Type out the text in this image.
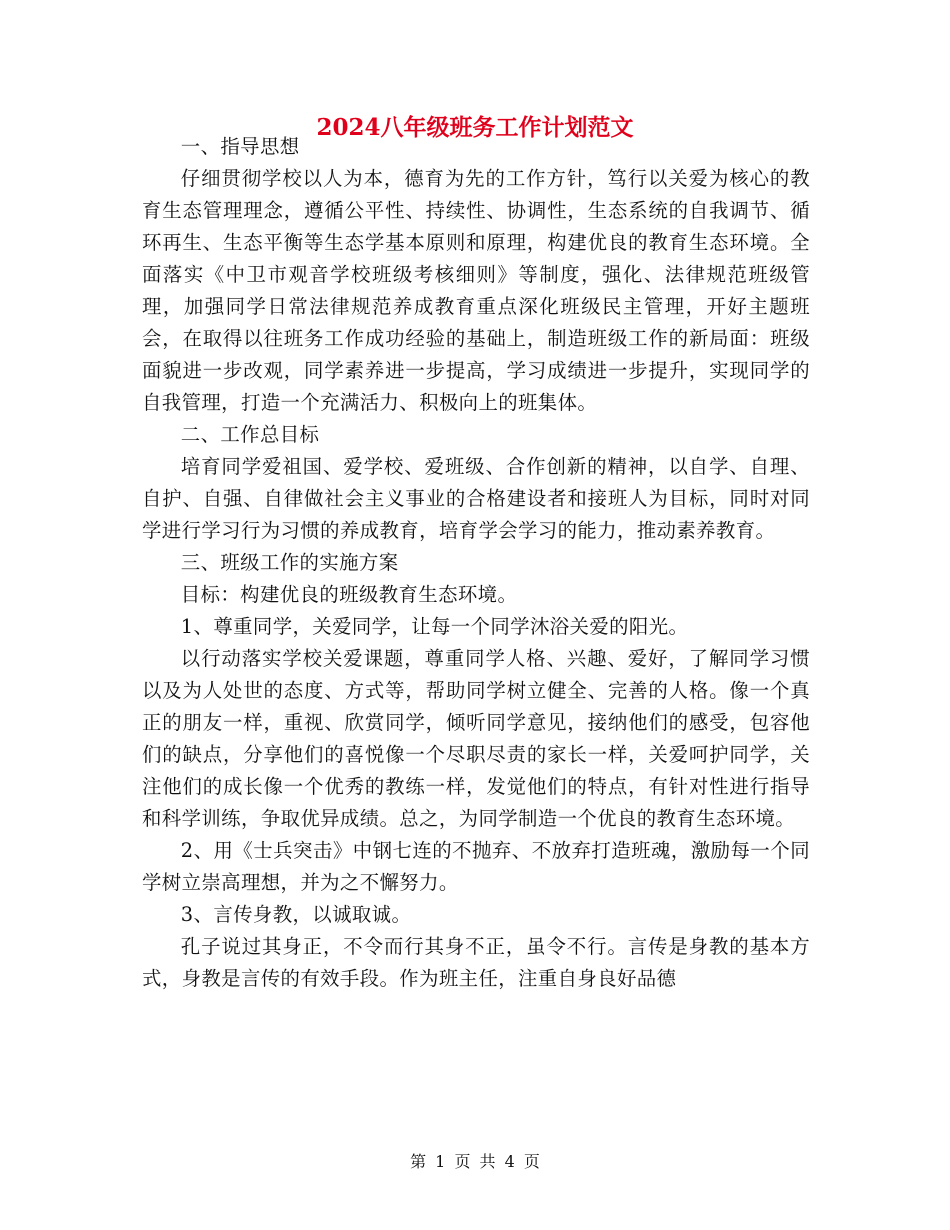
2024八年级班务工作计划范文

一、指导思想

仔细贯彻学校以人为本，德育为先的工作方针，笃行以关爱为核心的教育生态管理理念，遵循公平性、持续性、协调性，生态系统的自我调节、循环再生、生态平衡等生态学基本原则和原理，构建优良的教育生态环境。全面落实《中卫市观音学校班级考核细则》等制度，强化、法律规范班级管理，加强同学日常法律规范养成教育重点深化班级民主管理，开好主题班会，在取得以往班务工作成功经验的基础上，制造班级工作的新局面：班级面貌进一步改观，同学素养进一步提高，学习成绩进一步提升，实现同学的自我管理，打造一个充满活力、积极向上的班集体。

二、工作总目标

培育同学爱祖国、爱学校、爱班级、合作创新的精神，以自学、自理、自护、自强、自律做社会主义事业的合格建设者和接班人为目标，同时对同学进行学习行为习惯的养成教育，培育学会学习的能力，推动素养教育。

三、班级工作的实施方案

目标：构建优良的班级教育生态环境。

1、尊重同学，关爱同学，让每一个同学沐浴关爱的阳光。

以行动落实学校关爱课题，尊重同学人格、兴趣、爱好，了解同学习惯以及为人处世的态度、方式等，帮助同学树立健全、完善的人格。像一个真正的朋友一样，重视、欣赏同学，倾听同学意见，接纳他们的感受，包容他们的缺点，分享他们的喜悦像一个尽职尽责的家长一样，关爱呵护同学，关注他们的成长像一个优秀的教练一样，发觉他们的特点，有针对性进行指导和科学训练，争取优异成绩。总之，为同学制造一个优良的教育生态环境。

2、用《士兵突击》中钢七连的不抛弃、不放弃打造班魂，激励每一个同学树立崇高理想，并为之不懈努力。

3、言传身教，以诚取诚。

孔子说过其身正，不令而行其身不正，虽令不行。言传是身教的基本方式，身教是言传的有效手段。作为班主任，注重自身良好品德

第 1 页 共 4 页
